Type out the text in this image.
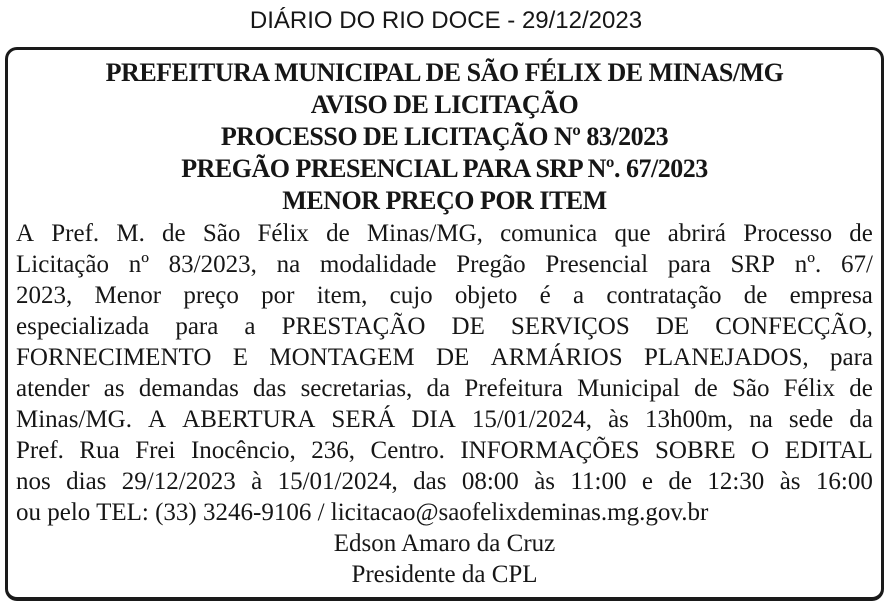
DIÁRIO DO RIO DOCE - 29/12/2023
PREFEITURA MUNICIPAL DE SÃO FÉLIX DE MINAS/MG
AVISO DE LICITAÇÃO
PROCESSO DE LICITAÇÃO Nº 83/2023
PREGÃO PRESENCIAL PARA SRP Nº. 67/2023
MENOR PREÇO POR ITEM
A Pref. M. de São Félix de Minas/MG, comunica que abrirá Processo de
Licitação nº 83/2023, na modalidade Pregão Presencial para SRP nº. 67/
2023, Menor preço por item, cujo objeto é a contratação de empresa
especializada para a PRESTAÇÃO DE SERVIÇOS DE CONFECÇÃO,
FORNECIMENTO E MONTAGEM DE ARMÁRIOS PLANEJADOS, para
atender as demandas das secretarias, da Prefeitura Municipal de São Félix de
Minas/MG. A ABERTURA SERÁ DIA 15/01/2024, às 13h00m, na sede da
Pref. Rua Frei Inocêncio, 236, Centro. INFORMAÇÕES SOBRE O EDITAL
nos dias 29/12/2023 à 15/01/2024, das 08:00 às 11:00 e de 12:30 às 16:00
ou pelo TEL: (33) 3246-9106 / licitacao@saofelixdeminas.mg.gov.br
Edson Amaro da Cruz
Presidente da CPL
